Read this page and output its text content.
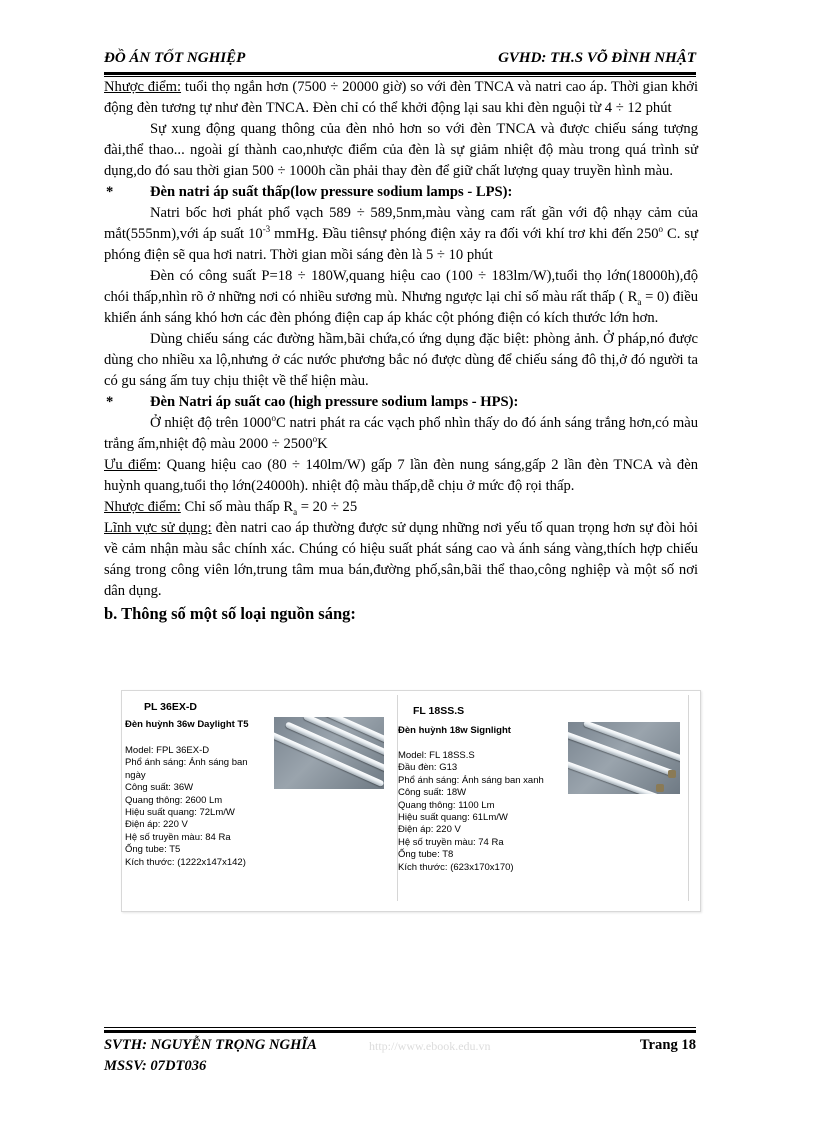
ĐỒ ÁN TỐT NGHIỆP	GVHD: TH.S VÕ ĐÌNH NHẬT

Nhược điểm: tuổi thọ ngắn hơn (7500 ÷ 20000 giờ) so với đèn TNCA và natri cao áp. Thời gian khởi động đèn tương tự như đèn TNCA. Đèn chỉ có thể khởi động lại sau khi đèn nguội từ 4 ÷ 12 phút

Sự xung động quang thông của đèn nhỏ hơn so với đèn TNCA và được chiếu sáng tượng đài,thể thao... ngoài gí thành cao,nhược điểm của đèn là sự giảm nhiệt độ màu trong quá trình sử dụng,do đó sau thời gian 500 ÷ 1000h cần phải thay đèn để giữ chất lượng quay truyền hình màu.

*	Đèn natri áp suất thấp(low pressure sodium lamps - LPS):

Natri bốc hơi phát phổ vạch 589 ÷ 589,5nm,màu vàng cam rất gần với độ nhạy cảm của mắt(555nm),với áp suất $10^{-3}$ mmHg. Đầu tiênsự phóng điện xảy ra đối với khí trơ khi đến 250$^o$ C. sự phóng điện sẽ qua hơi natri. Thời gian mồi sáng đèn là 5 ÷ 10 phút

Đèn có công suất P=18 ÷ 180W,quang hiệu cao (100 ÷ 183lm/W),tuổi thọ lớn(18000h),độ chói thấp,nhìn rõ ở những nơi có nhiều sương mù. Nhưng ngược lại chỉ số màu rất thấp ( $R_a = 0$) điều khiển ánh sáng khó hơn các đèn phóng điện cap áp khác cột phóng điện có kích thước lớn hơn.

Dùng chiếu sáng các đường hầm,bãi chứa,có ứng dụng đặc biệt: phòng ảnh. Ở pháp,nó được dùng cho nhiều xa lộ,nhưng ở các nước phương bắc nó được dùng để chiếu sáng đô thị,ở đó người ta có gu sáng ấm tuy chịu thiệt về thể hiện màu.

*	Đèn Natri áp suất cao (high pressure sodium lamps - HPS):

Ở nhiệt độ trên 1000$^o$C natri phát ra các vạch phổ nhìn thấy do đó ánh sáng trắng hơn,có màu trắng ấm,nhiệt độ màu $2000 \div 2500^oK$

Ưu điểm: Quang hiệu cao (80 ÷ 140lm/W) gấp 7 lần đèn nung sáng,gấp 2 lần đèn TNCA và đèn huỳnh quang,tuổi thọ lớn(24000h). nhiệt độ màu thấp,dễ chịu ở mức độ rọi thấp.

Nhược điểm: Chỉ số màu thấp $R_a = 20 \div 25$

Lĩnh vực sử dụng: đèn natri cao áp thường được sử dụng những nơi yếu tố quan trọng hơn sự đòi hỏi về cảm nhận màu sắc chính xác. Chúng có hiệu suất phát sáng cao và ánh sáng vàng,thích hợp chiếu sáng trong công viên lớn,trung tâm mua bán,đường phố,sân,bãi thể thao,công nghiệp và một số nơi dân dụng.

b. Thông số một số loại nguồn sáng:

PL 36EX-D
Đèn huỳnh 36w Daylight T5
Model: FPL 36EX-D
Phổ ánh sáng: Ánh sáng ban
ngày
Công suất: 36W
Quang thông: 2600 Lm
Hiệu suất quang: 72Lm/W
Điện áp: 220 V
Hệ số truyền màu: 84 Ra
Ống tube: T5
Kích thước: (1222x147x142)
FL 18SS.S
Đèn huỳnh 18w Signlight
Model: FL 18SS.S
Đầu đèn: G13
Phổ ánh sáng: Ánh sáng ban xanh
Công suất: 18W
Quang thông: 1100 Lm
Hiệu suất quang: 61Lm/W
Điện áp: 220 V
Hệ số truyền màu: 74 Ra
Ống tube: T8
Kích thước: (623x170x170)
SVTH: NGUYỄN TRỌNG NGHĨA	http://www.ebook.edu.vn	Trang 18
MSSV: 07DT036
